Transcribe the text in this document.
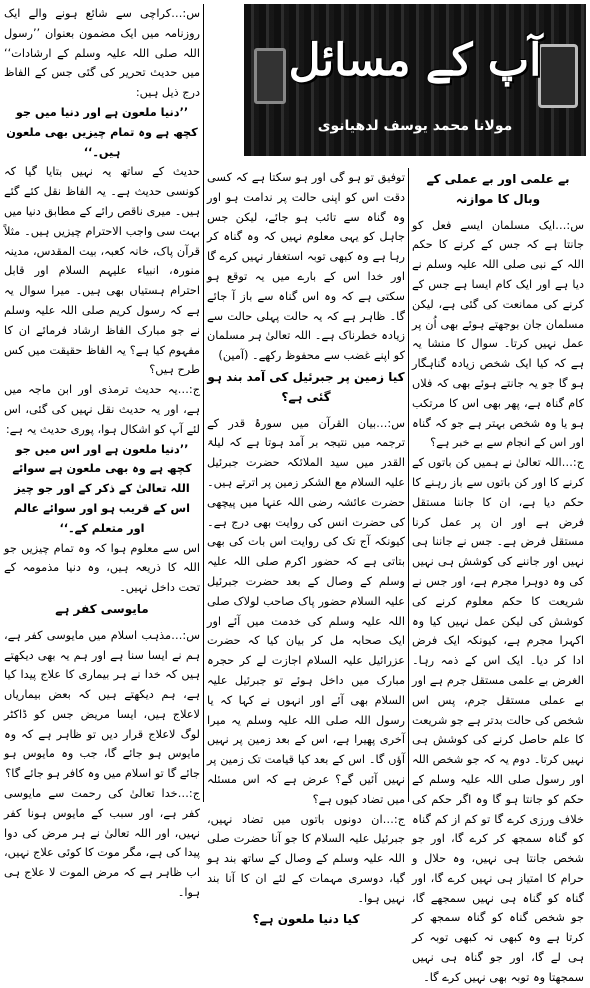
آپ کے مسائل
مولانا محمد یوسف لدھیانوی

بے علمی اور بے عملی کے وبال کا موازنہ

س:…ایک مسلمان ایسے فعل کو جانتا ہے کہ جس کے کرنے کا حکم اللہ کے نبی صلی اللہ علیہ وسلم نے دیا ہے اور ایک کام ایسا ہے جس کے کرنے کی ممانعت کی گئی ہے، لیکن مسلمان جان بوجھتے ہوئے بھی اُن پر عمل نہیں کرتا۔ سوال کا منشا یہ ہے کہ کیا ایک شخص زیادہ گناہگار ہو گا جو یہ جانتے ہوئے بھی کہ فلاں کام گناہ ہے، پھر بھی اس کا مرتکب ہو یا وہ شخص بہتر ہے جو کہ گناہ اور اس کے انجام سے بے خبر ہے؟

ج:…اللہ تعالیٰ نے ہمیں کن باتوں کے کرنے کا اور کن باتوں سے باز رہنے کا حکم دیا ہے، ان کا جاننا مستقل فرض ہے اور ان پر عمل کرنا مستقل فرض ہے۔ جس نے جاننا ہی نہیں اور جاننے کی کوشش ہی نہیں کی وہ دوہرا مجرم ہے، اور جس نے شریعت کا حکم معلوم کرنے کی کوشش کی لیکن عمل نہیں کیا وہ اکہرا مجرم ہے، کیونکہ ایک فرض ادا کر دیا۔ ایک اس کے ذمہ رہا۔ الغرض بے علمی مستقل جرم ہے اور بے عملی مستقل جرم، پس اس شخص کی حالت بدتر ہے جو شریعت کا علم حاصل کرنے کی کوشش ہی نہیں کرتا۔ دوم یہ کہ جو شخص اللہ اور رسول صلی اللہ علیہ وسلم کے حکم کو جانتا ہو گا وہ اگر حکم کی خلاف ورزی کرے گا تو کم از کم گناہ کو گناہ سمجھ کر کرے گا، اور جو شخص جانتا ہی نہیں، وہ حلال و حرام کا امتیاز ہی نہیں کرے گا، اور گناہ کو گناہ ہی نہیں سمجھے گا، جو شخص گناہ کو گناہ سمجھ کر کرتا ہے وہ کبھی نہ کبھی توبہ کر ہی لے گا، اور جو گناہ ہی نہیں سمجھتا وہ توبہ بھی نہیں کرے گا۔

توفیق تو ہو گی اور ہو سکتا ہے کہ کسی دقت اس کو اپنی حالت پر ندامت ہو اور وہ گناہ سے تائب ہو جائے، لیکن جس جاہل کو یہی معلوم نہیں کہ وہ گناہ کر رہا ہے وہ کبھی توبہ استغفار نہیں کرے گا اور خدا اس کے بارے میں یہ توقع ہو سکتی ہے کہ وہ اس گناہ سے باز آ جائے گا۔ ظاہر ہے کہ یہ حالت پہلی حالت سے زیادہ خطرناک ہے۔ اللہ تعالیٰ ہر مسلمان کو اپنے غضب سے محفوظ رکھے۔ (آمین)

کیا زمین پر جبرئیل کی آمد بند ہو گئی ہے؟

س:…بیان القرآن میں سورۂ قدر کے ترجمہ میں نتیجہ بر آمد ہوتا ہے کہ لیلۃ القدر میں سید الملائکہ حضرت جبرئیل علیہ السلام مع الشکر زمین پر اترتے ہیں۔ حضرت عائشہ رضی اللہ عنہا میں پیچھی کی حضرت انس کی روایت بھی درج ہے۔ کیونکہ آج تک کی روایت اس بات کی بھی بتاتی ہے کہ حضور اکرم صلی اللہ علیہ وسلم کے وصال کے بعد حضرت جبرئیل علیہ السلام حضور پاک صاحب لولاک صلی اللہ علیہ وسلم کی خدمت میں آئے اور ایک صحابہ مل کر بیان کیا کہ حضرت عزرائیل علیہ السلام اجازت لے کر حجرہ مبارک میں داخل ہوئے تو جبرئیل علیہ السلام بھی آئے اور انہوں نے کہا کہ یا رسول اللہ صلی اللہ علیہ وسلم یہ میرا آخری پھیرا ہے، اس کے بعد زمین پر نہیں آؤں گا۔ اس کے بعد کیا قیامت تک زمین پر نہیں آئیں گے؟ عرض ہے کہ اس مسئلہ میں تضاد کیوں ہے؟

ج:…ان دونوں باتوں میں تضاد نہیں، جبرئیل علیہ السلام کا جو آنا حضرت صلی اللہ علیہ وسلم کے وصال کے ساتھ بند ہو گیا، دوسری مہمات کے لئے ان کا آنا بند نہیں ہوا۔

کیا دنیا ملعون ہے؟

س:…کراچی سے شائع ہونے والے ایک روزنامہ میں ایک مضمون بعنوان ’’رسول اللہ صلی اللہ علیہ وسلم کے ارشادات‘‘ میں حدیث تحریر کی گئی جس کے الفاظ درج ذیل ہیں:

’’دنیا ملعون ہے اور دنیا میں جو کچھ ہے وہ تمام چیزیں بھی ملعون ہیں۔‘‘

حدیث کے ساتھ یہ نہیں بتایا گیا کہ کونسی حدیث ہے۔ یہ الفاظ نقل کئے گئے ہیں۔ میری ناقص رائے کے مطابق دنیا میں بہت سی واجب الاحترام چیزیں ہیں۔ مثلاً قرآن پاک، خانہ کعبہ، بیت المقدس، مدینہ منورہ، انبیاء علیہم السلام اور قابل احترام ہستیاں بھی ہیں۔ میرا سوال یہ ہے کہ رسول کریم صلی اللہ علیہ وسلم نے جو مبارک الفاظ ارشاد فرمائے ان کا مفہوم کیا ہے؟ یہ الفاظ حقیقت میں کس طرح ہیں؟

ج:…یہ حدیث ترمذی اور ابن ماجہ میں ہے، اور یہ حدیث نقل نہیں کی گئی، اس لئے آپ کو اشکال ہوا، پوری حدیث یہ ہے:

’’دنیا ملعون ہے اور اس میں جو کچھ ہے وہ بھی ملعون ہے سوائے اللہ تعالیٰ کے ذکر کے اور جو چیز اس کے قریب ہو اور سوائے عالم اور متعلم کے۔‘‘

اس سے معلوم ہوا کہ وہ تمام چیزیں جو اللہ کا ذریعہ ہیں، وہ دنیا مذمومہ کے تحت داخل نہیں۔

مایوسی کفر ہے

س:…مذہب اسلام میں مایوسی کفر ہے، ہم نے ایسا سنا ہے اور ہم یہ بھی دیکھتے ہیں کہ خدا نے ہر بیماری کا علاج پیدا کیا ہے، ہم دیکھتے ہیں کہ بعض بیماریاں لاعلاج ہیں، ایسا مریض جس کو ڈاکٹر لوگ لاعلاج قرار دیں تو ظاہر ہے کہ وہ مایوس ہو جائے گا، جب وہ مایوس ہو جائے گا تو اسلام میں وہ کافر ہو جائے گا؟

ج:…خدا تعالیٰ کی رحمت سے مایوسی کفر ہے، اور سبب کے مایوس ہونا کفر نہیں، اور اللہ تعالیٰ نے ہر مرض کی دوا پیدا کی ہے، مگر موت کا کوئی علاج نہیں، اب ظاہر ہے کہ مرض الموت لا علاج ہی ہوا۔
